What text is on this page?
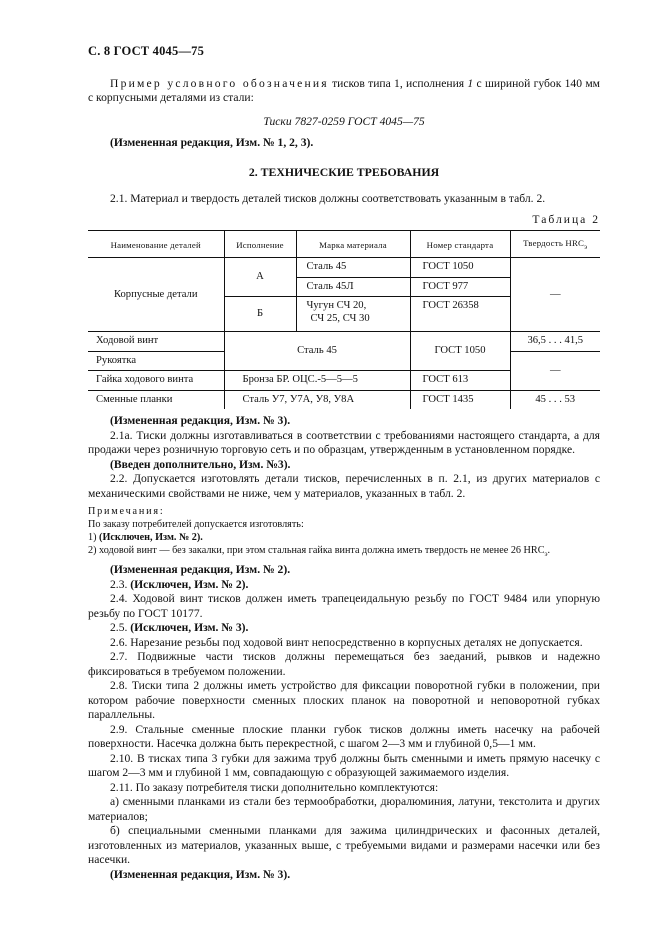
С. 8 ГОСТ 4045—75

Пример условного обозначения тисков типа 1, исполнения 1 с шириной губок 140 мм с корпусными деталями из стали:

Тиски 7827-0259 ГОСТ 4045—75

(Измененная редакция, Изм. № 1, 2, 3).

2. ТЕХНИЧЕСКИЕ ТРЕБОВАНИЯ

2.1. Материал и твердость деталей тисков должны соответствовать указанным в табл. 2.

Таблица 2

Наименование деталей	Исполнение	Марка материала	Номер стандарта	Твердость $HRC_э$
Корпусные детали	А	Сталь 45	ГОСТ 1050	—
		Сталь 45Л	ГОСТ 977	
	Б	Чугун СЧ 20,
СЧ 25, СЧ 30	ГОСТ 26358	
Ходовой винт	Сталь 45		ГОСТ 1050	36,5 . . . 41,5
Рукоятка				—
Гайка ходового винта	Бронза БР. ОЦС.-5—5—5		ГОСТ 613	
Сменные планки	Сталь У7, У7А, У8, У8А		ГОСТ 1435	45 . . . 53

(Измененная редакция, Изм. № 3).

2.1а. Тиски должны изготавливаться в соответствии с требованиями настоящего стандарта, а для продажи через розничную торговую сеть и по образцам, утвержденным в установленном порядке.

(Введен дополнительно, Изм. №3).

2.2. Допускается изготовлять детали тисков, перечисленных в п. 2.1, из других материалов с механическими свойствами не ниже, чем у материалов, указанных в табл. 2.

Примечания:

По заказу потребителей допускается изготовлять:

1) (Исключен, Изм. № 2).

2) ходовой винт — без закалки, при этом стальная гайка винта должна иметь твердость не менее 26 $HRC_э$.

(Измененная редакция, Изм. № 2).

2.3. (Исключен, Изм. № 2).

2.4. Ходовой винт тисков должен иметь трапецеидальную резьбу по ГОСТ 9484 или упорную резьбу по ГОСТ 10177.

2.5. (Исключен, Изм. № 3).

2.6. Нарезание резьбы под ходовой винт непосредственно в корпусных деталях не допускается.

2.7. Подвижные части тисков должны перемещаться без заеданий, рывков и надежно фиксироваться в требуемом положении.

2.8. Тиски типа 2 должны иметь устройство для фиксации поворотной губки в положении, при котором рабочие поверхности сменных плоских планок на поворотной и неповоротной губках параллельны.

2.9. Стальные сменные плоские планки губок тисков должны иметь насечку на рабочей поверхности. Насечка должна быть перекрестной, с шагом 2—3 мм и глубиной 0,5—1 мм.

2.10. В тисках типа 3 губки для зажима труб должны быть сменными и иметь прямую насечку с шагом 2—3 мм и глубиной 1 мм, совпадающую с образующей зажимаемого изделия.

2.11. По заказу потребителя тиски дополнительно комплектуются:

а) сменными планками из стали без термообработки, дюралюминия, латуни, текстолита и других материалов;

б) специальными сменными планками для зажима цилиндрических и фасонных деталей, изготовленных из материалов, указанных выше, с требуемыми видами и размерами насечки или без насечки.

(Измененная редакция, Изм. № 3).
